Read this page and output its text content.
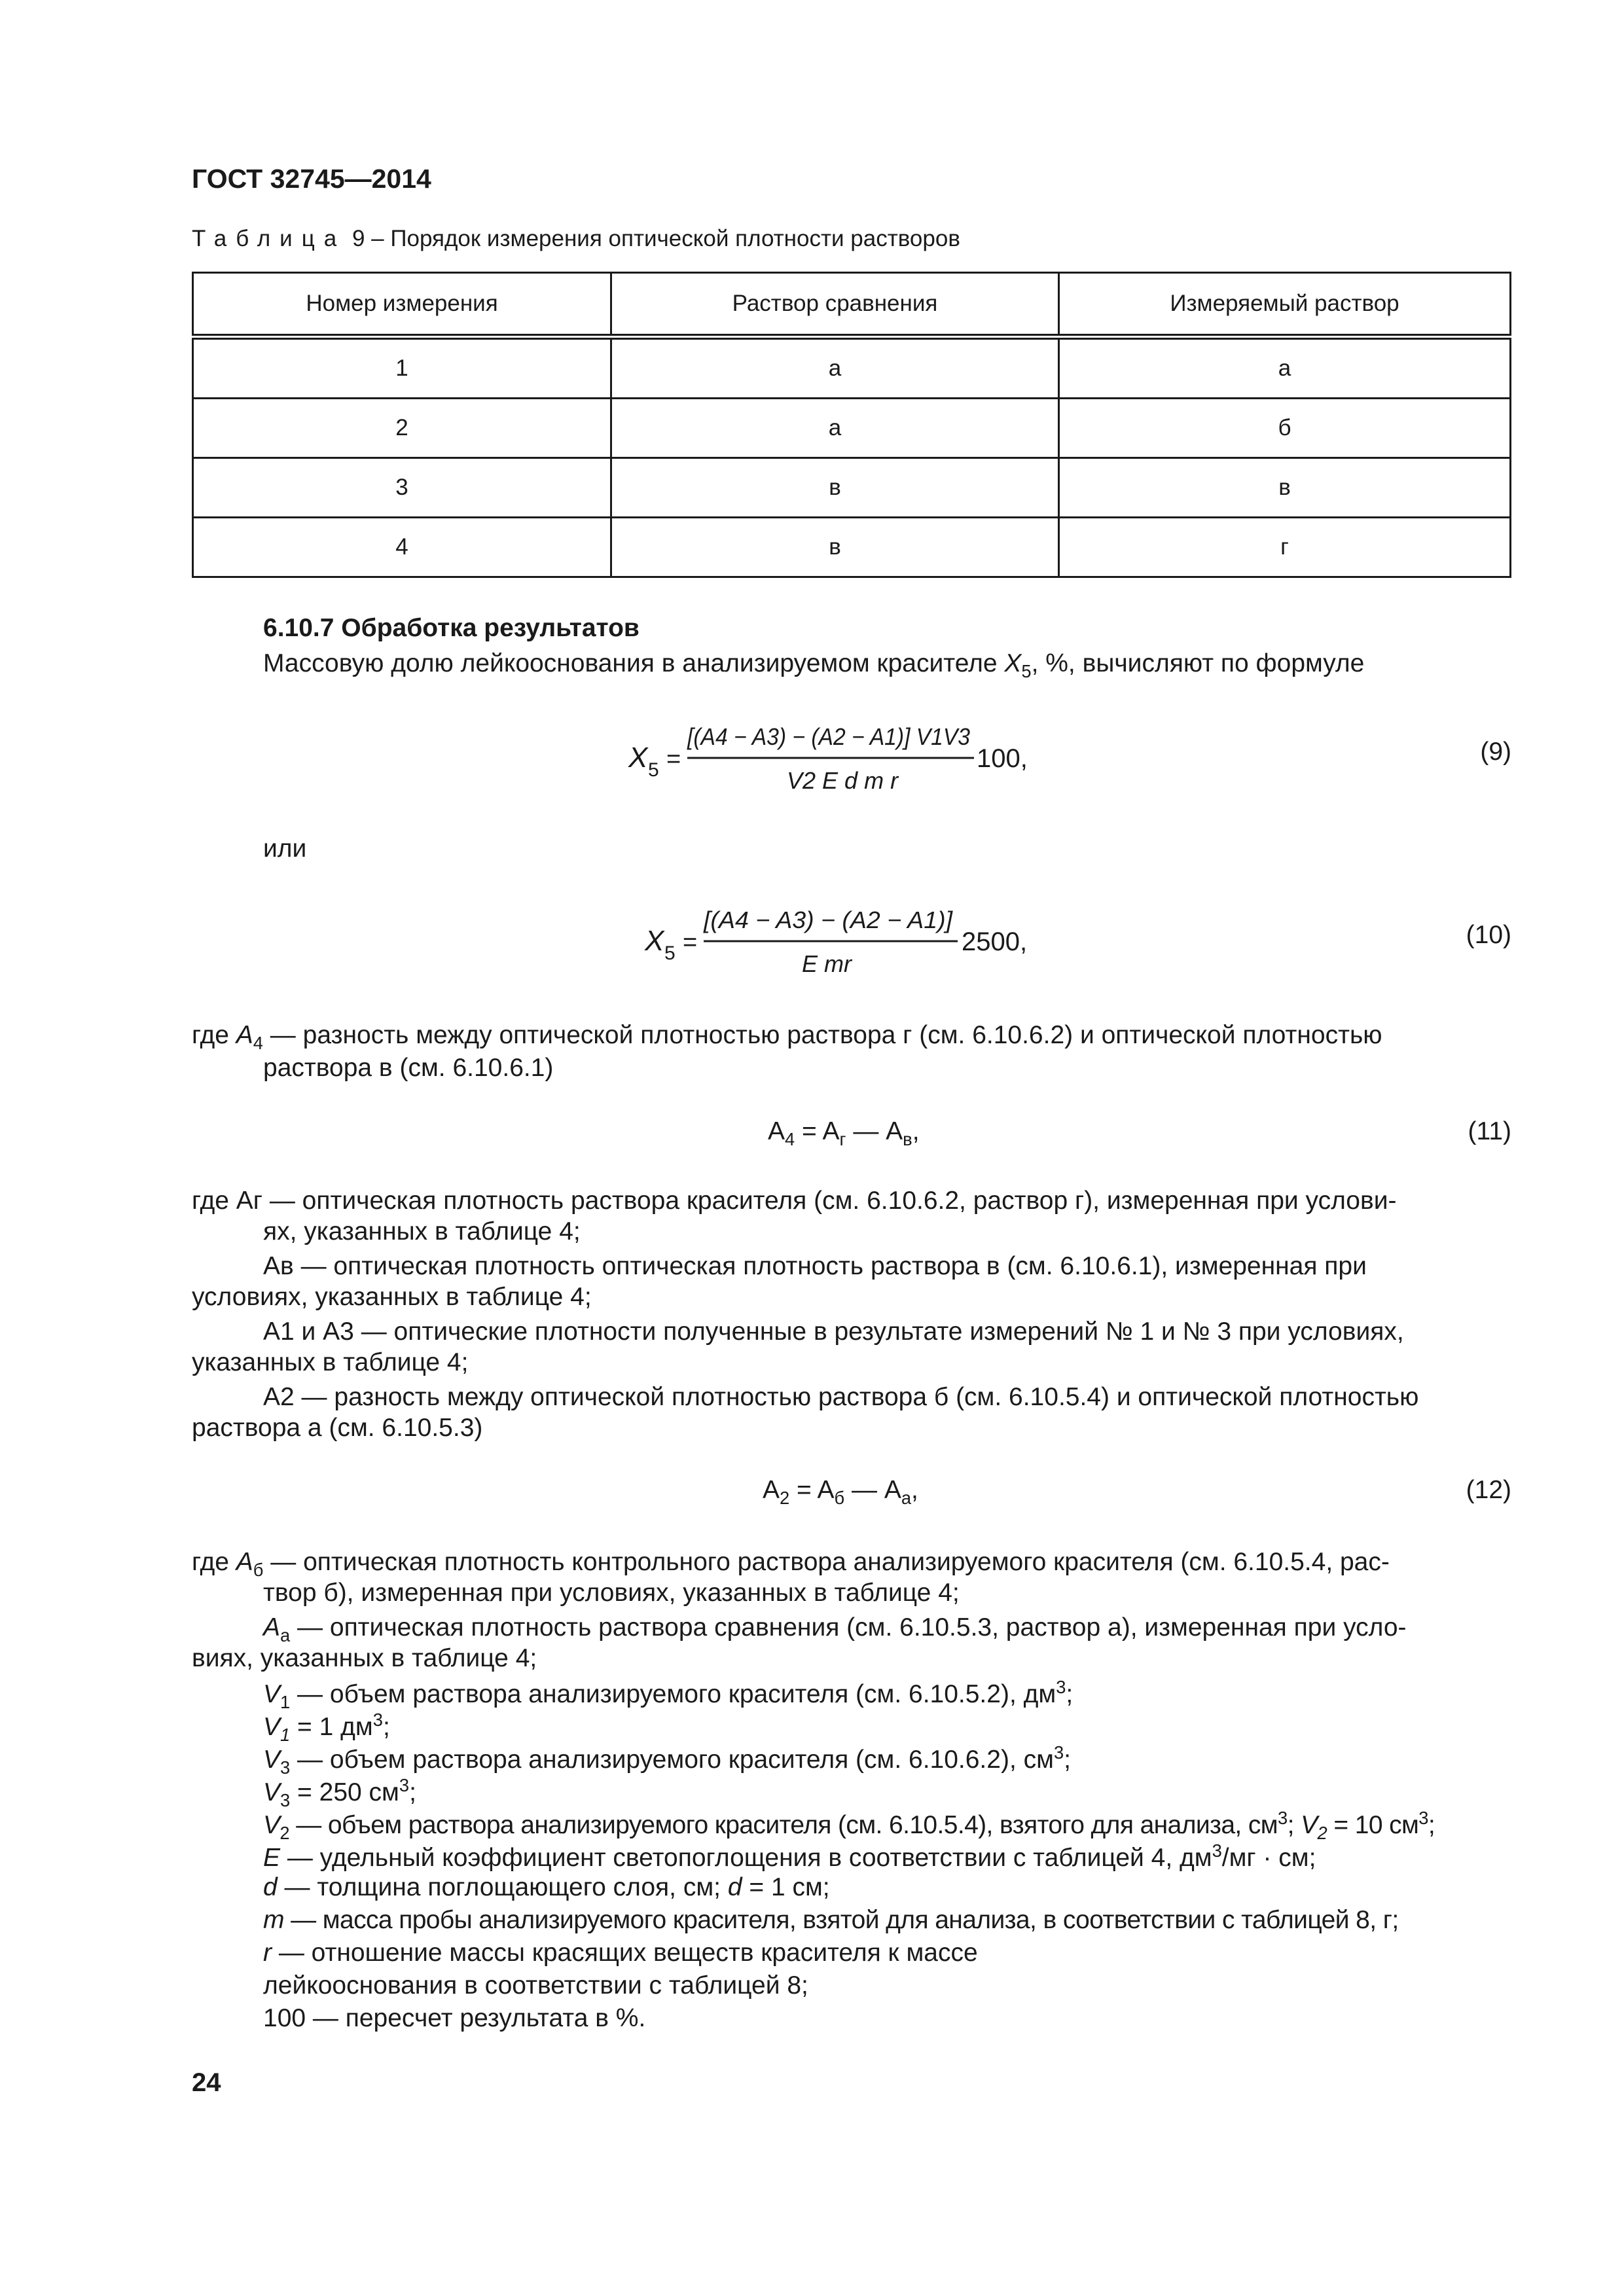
ГОСТ 32745—2014
Таблица 9 – Порядок измерения оптической плотности растворов
Номер измерения	Раствор сравнения	Измеряемый раствор
1	а	а
2	а	б
3	в	в
4	в	г
6.10.7 Обработка результатов
Массовую долю лейкооснования в анализируемом красителе $X_5$, %, вычисляют по формуле
X 5 =
[(A4 − A3) − (A2 − A1)] V1V3
V2 E d m r
100,	(9)
или
X 5 =
[(A4 − A3) − (A2 − A1)]
E mr
2500,	(10)
где $A_4$ — разность между оптической плотностью раствора г (см. 6.10.6.2) и оптической плотностью
раствора в (см. 6.10.6.1)
$A_4 = A_г$ — $A_в$,	(11)
где Аг — оптическая плотность раствора красителя (см. 6.10.6.2, раствор г), измеренная при услови-
ях, указанных в таблице 4;
Ав — оптическая плотность оптическая плотность раствора в (см. 6.10.6.1), измеренная при
условиях, указанных в таблице 4;
А1 и А3 — оптические плотности полученные в результате измерений № 1 и № 3 при условиях,
указанных в таблице 4;
А2 — разность между оптической плотностью раствора б (см. 6.10.5.4) и оптической плотностью
раствора а (см. 6.10.5.3)
$A_2 = A_б$ — $A_а$,	(12)
где $A_б$ — оптическая плотность контрольного раствора анализируемого красителя (см. 6.10.5.4, рас-
твор б), измеренная при условиях, указанных в таблице 4;
$A_а$ — оптическая плотность раствора сравнения (см. 6.10.5.3, раствор а), измеренная при усло-
виях, указанных в таблице 4;
$V_1$ — объем раствора анализируемого красителя (см. 6.10.5.2), $дм^3$;
$V_1 = 1$ $дм^3$;
$V_3$ — объем раствора анализируемого красителя (см. 6.10.6.2), $см^3$;
$V_3 = 250$ $см^3$;
$V_2$ — объем раствора анализируемого красителя (см. 6.10.5.4), взятого для анализа, $см^3$; $V_2 = 10$ $см^3$;
E — удельный коэффициент светопоглощения в соответствии с таблицей 4, $дм^3/мг$ · см;
d — толщина поглощающего слоя, см; d = 1 см;
m — масса пробы анализируемого красителя, взятой для анализа, в соответствии с таблицей 8, г;
r — отношение массы красящих веществ красителя к массе
лейкооснования в соответствии с таблицей 8;
100 — пересчет результата в %.
24
